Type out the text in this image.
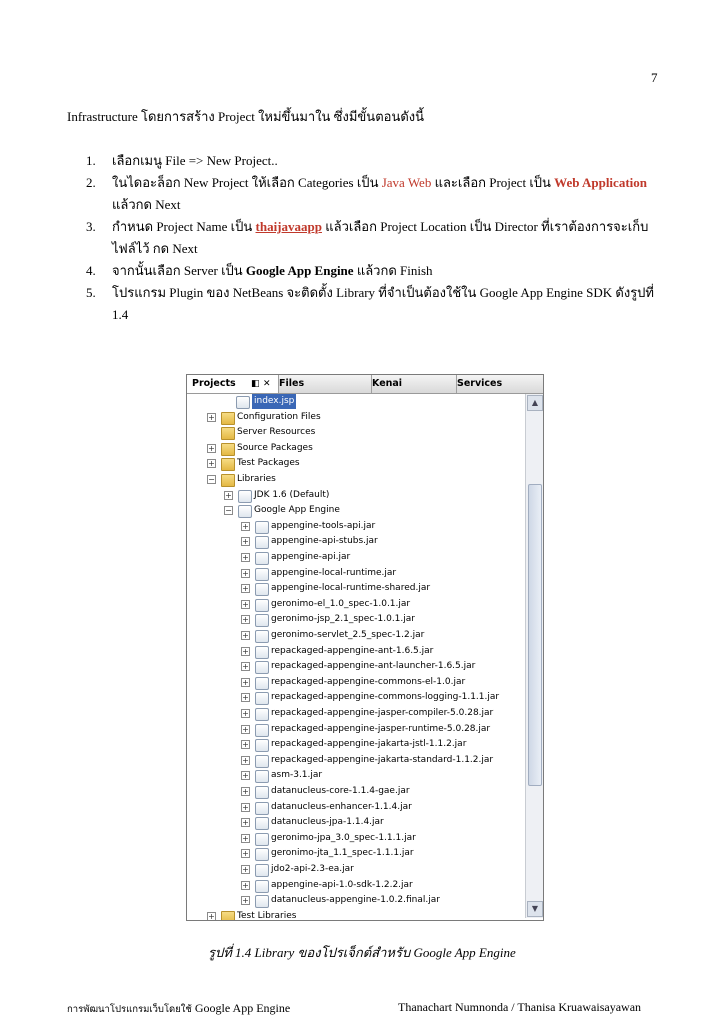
7
Infrastructure โดยการสร้าง Project ใหม่ขึ้นมาใน ซึ่งมีขั้นตอนดังนี้
1. เลือกเมนู File => New Project..
2. ในไดอะล็อก New Project ให้เลือก Categories เป็น Java Web และเลือก Project เป็น Web Application แล้วกด Next
3. กำหนด Project Name เป็น thaijavaapp แล้วเลือก Project Location เป็น Director ที่เราต้องการจะเก็บไฟล์ไว้ กด Next
4. จากนั้นเลือก Server เป็น Google App Engine แล้วกด Finish
5. โปรแกรม Plugin ของ NetBeans จะติดตั้ง Library ที่จำเป็นต้องใช้ใน Google App Engine SDK ดังรูปที่ 1.4
Projects	◧ ✕ Files	Kenai	Services
index.jsp
+ Configuration Files
Server Resources
+ Source Packages
+ Test Packages
− Libraries
+ JDK 1.6 (Default)
− Google App Engine
+ appengine-tools-api.jar
+ appengine-api-stubs.jar
+ appengine-api.jar
+ appengine-local-runtime.jar
+ appengine-local-runtime-shared.jar
+ geronimo-el_1.0_spec-1.0.1.jar
+ geronimo-jsp_2.1_spec-1.0.1.jar
+ geronimo-servlet_2.5_spec-1.2.jar
+ repackaged-appengine-ant-1.6.5.jar
+ repackaged-appengine-ant-launcher-1.6.5.jar
+ repackaged-appengine-commons-el-1.0.jar
+ repackaged-appengine-commons-logging-1.1.1.jar
+ repackaged-appengine-jasper-compiler-5.0.28.jar
+ repackaged-appengine-jasper-runtime-5.0.28.jar
+ repackaged-appengine-jakarta-jstl-1.1.2.jar
+ repackaged-appengine-jakarta-standard-1.1.2.jar
+ asm-3.1.jar
+ datanucleus-core-1.1.4-gae.jar
+ datanucleus-enhancer-1.1.4.jar
+ datanucleus-jpa-1.1.4.jar
+ geronimo-jpa_3.0_spec-1.1.1.jar
+ geronimo-jta_1.1_spec-1.1.1.jar
+ jdo2-api-2.3-ea.jar
+ appengine-api-1.0-sdk-1.2.2.jar
+ datanucleus-appengine-1.0.2.final.jar
+ Test Libraries
▲
▼
รูปที่ 1.4 Library ของโปรเจ็กต์สำหรับ Google App Engine
การพัฒนาโปรแกรมเว็บโดยใช้ Google App Engine	Thanachart Numnonda / Thanisa Kruawaisayawan
